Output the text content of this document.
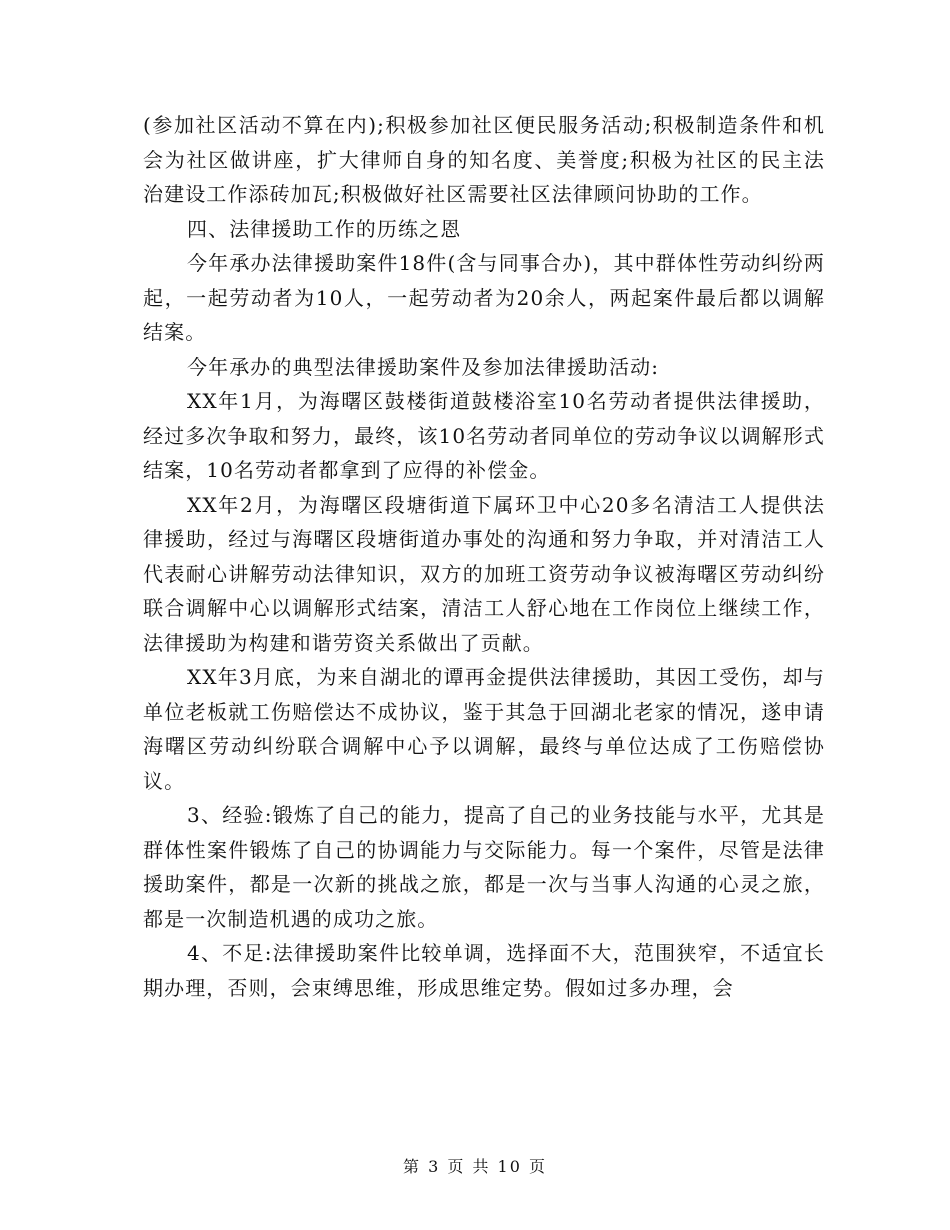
(参加社区活动不算在内);积极参加社区便民服务活动;积极制造条件和机会为社区做讲座，扩大律师自身的知名度、美誉度;积极为社区的民主法治建设工作添砖加瓦;积极做好社区需要社区法律顾问协助的工作。

四、法律援助工作的历练之恩

今年承办法律援助案件18件(含与同事合办)，其中群体性劳动纠纷两起，一起劳动者为10人，一起劳动者为20余人，两起案件最后都以调解结案。

今年承办的典型法律援助案件及参加法律援助活动:

XX年1月，为海曙区鼓楼街道鼓楼浴室10名劳动者提供法律援助，经过多次争取和努力，最终，该10名劳动者同单位的劳动争议以调解形式结案，10名劳动者都拿到了应得的补偿金。

XX年2月，为海曙区段塘街道下属环卫中心20多名清洁工人提供法律援助，经过与海曙区段塘街道办事处的沟通和努力争取，并对清洁工人代表耐心讲解劳动法律知识，双方的加班工资劳动争议被海曙区劳动纠纷联合调解中心以调解形式结案，清洁工人舒心地在工作岗位上继续工作，法律援助为构建和谐劳资关系做出了贡献。

XX年3月底，为来自湖北的谭再金提供法律援助，其因工受伤，却与单位老板就工伤赔偿达不成协议，鉴于其急于回湖北老家的情况，遂申请海曙区劳动纠纷联合调解中心予以调解，最终与单位达成了工伤赔偿协议。

3、经验:锻炼了自己的能力，提高了自己的业务技能与水平，尤其是群体性案件锻炼了自己的协调能力与交际能力。每一个案件，尽管是法律援助案件，都是一次新的挑战之旅，都是一次与当事人沟通的心灵之旅，都是一次制造机遇的成功之旅。

4、不足:法律援助案件比较单调，选择面不大，范围狭窄，不适宜长期办理，否则，会束缚思维，形成思维定势。假如过多办理，会

第 3 页 共 10 页
